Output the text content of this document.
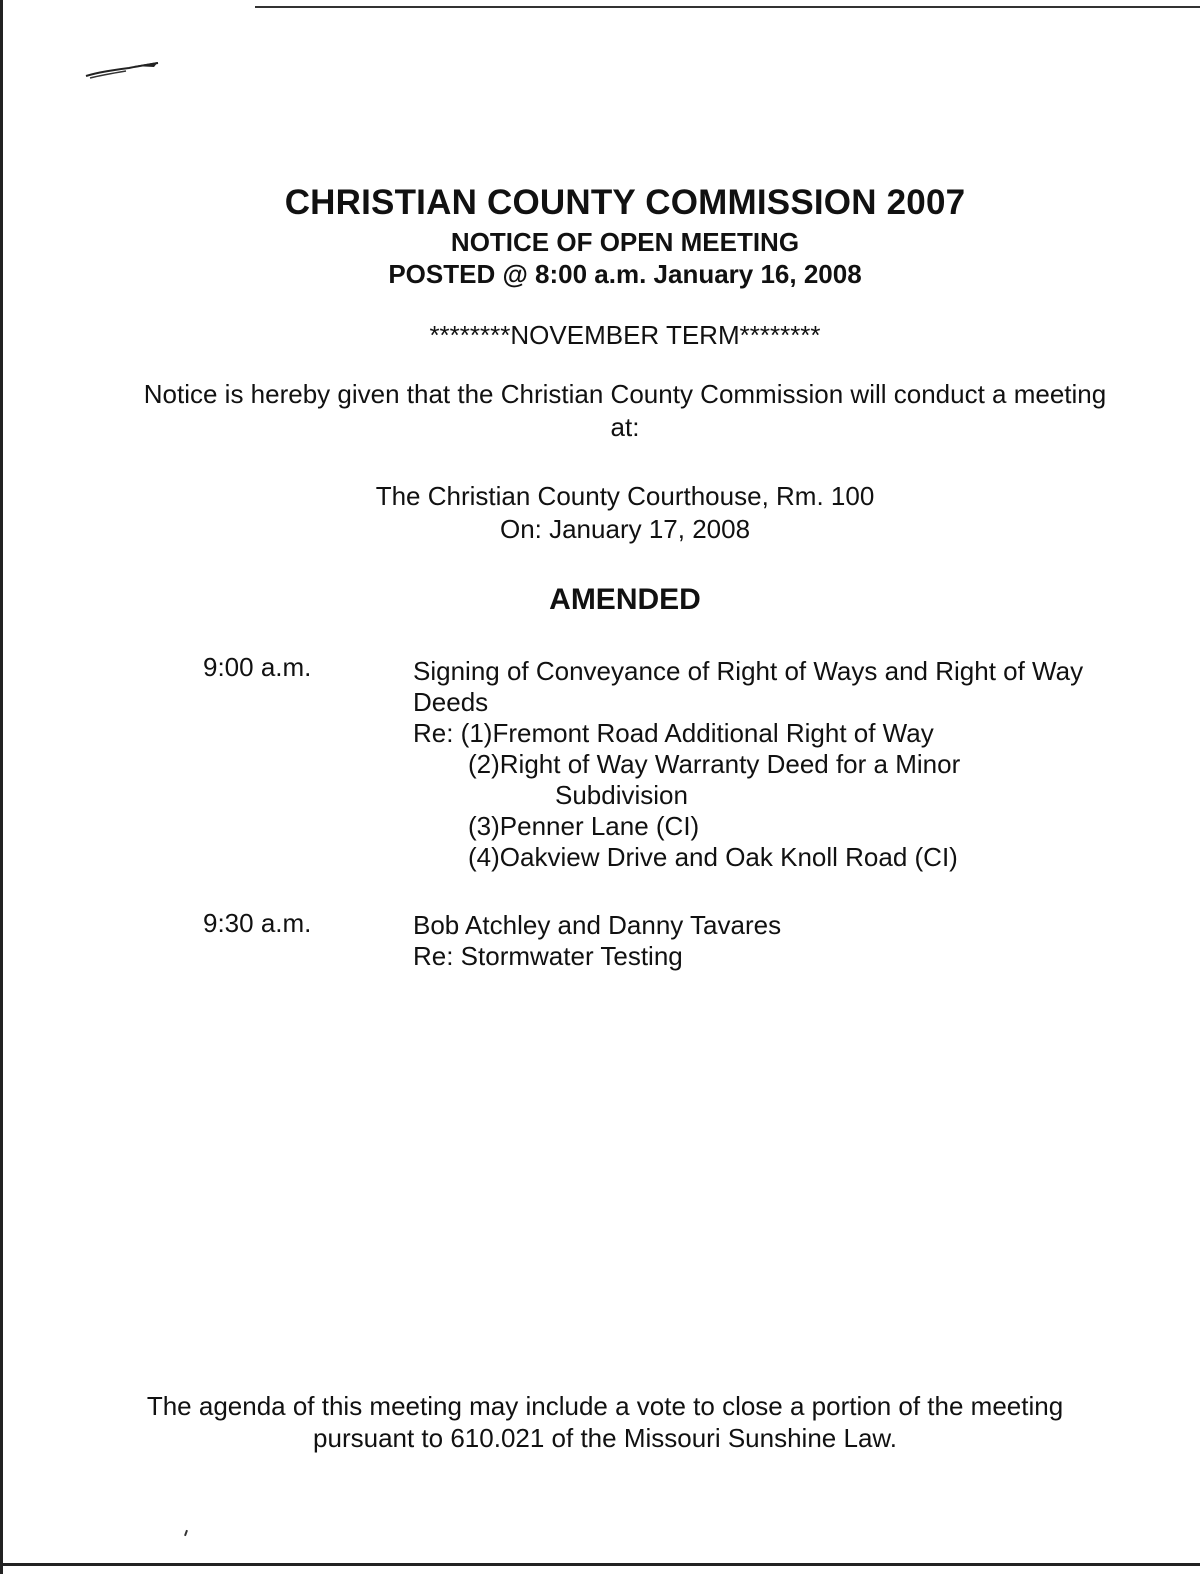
CHRISTIAN COUNTY COMMISSION 2007
NOTICE OF OPEN MEETING
POSTED @ 8:00 a.m. January 16, 2008
********NOVEMBER TERM********
Notice is hereby given that the Christian County Commission will conduct a meeting at:
The Christian County Courthouse, Rm. 100
On: January 17, 2008
AMENDED
9:00 a.m.	Signing of Conveyance of Right of Ways and Right of Way Deeds
Re: (1)Fremont Road Additional Right of Way
(2)Right of Way Warranty Deed for a Minor
Subdivision
(3)Penner Lane (CI)
(4)Oakview Drive and Oak Knoll Road (CI)
9:30 a.m.	Bob Atchley and Danny Tavares
Re: Stormwater Testing
The agenda of this meeting may include a vote to close a portion of the meeting
pursuant to 610.021 of the Missouri Sunshine Law.
